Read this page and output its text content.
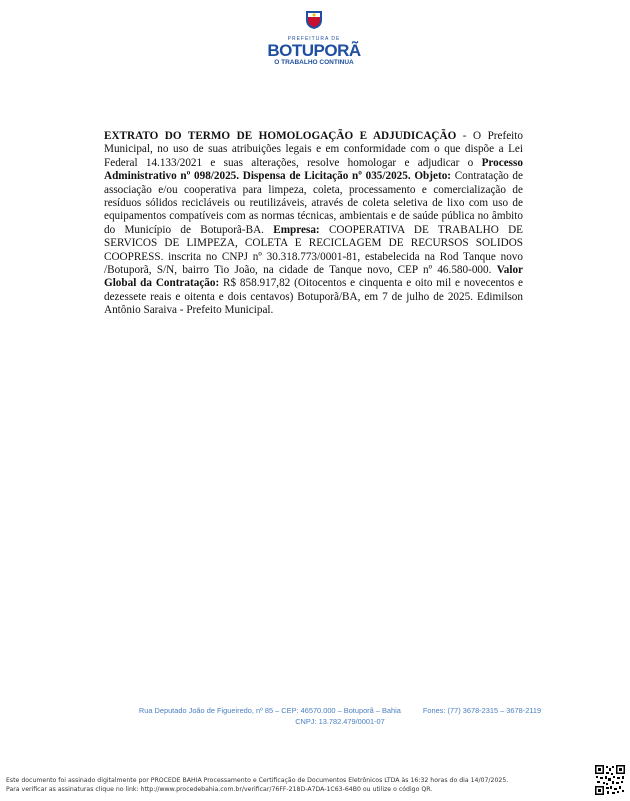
PREFEITURA DE
BOTUPORÃ
O TRABALHO CONTINUA

EXTRATO DO TERMO DE HOMOLOGAÇÃO E ADJUDICAÇÃO - O Prefeito Municipal, no uso de suas atribuições legais e em conformidade com o que dispõe a Lei Federal 14.133/2021 e suas alterações, resolve homologar e adjudicar o Processo Administrativo nº 098/2025. Dispensa de Licitação nº 035/2025. Objeto: Contratação de associação e/ou cooperativa para limpeza, coleta, processamento e comercialização de resíduos sólidos recicláveis ou reutilizáveis, através de coleta seletiva de lixo com uso de equipamentos compatíveis com as normas técnicas, ambientais e de saúde pública no âmbito do Município de Botuporã-BA. Empresa: COOPERATIVA DE TRABALHO DE SERVICOS DE LIMPEZA, COLETA E RECICLAGEM DE RECURSOS SOLIDOS COOPRESS. inscrita no CNPJ nº 30.318.773/0001-81, estabelecida na Rod Tanque novo /Botuporã, S/N, bairro Tio João, na cidade de Tanque novo, CEP nº 46.580-000. Valor Global da Contratação: R$ 858.917,82 (Oitocentos e cinquenta e oito mil e novecentos e dezessete reais e oitenta e dois centavos) Botuporã/BA, em 7 de julho de 2025. Edimilson Antônio Saraiva - Prefeito Municipal.

Rua Deputado João de Figueiredo, nº 85 – CEP: 46570.000 – Botuporã – Bahia	Fones: (77) 3678-2315 – 3678-2119
CNPJ: 13.782.479/0001-07
Este documento foi assinado digitalmente por PROCEDE BAHIA Processamento e Certificação de Documentos Eletrônicos LTDA às 16:32 horas do dia 14/07/2025.
Para verificar as assinaturas clique no link: http://www.procedebahia.com.br/verificar/76FF-218D-A7DA-1C63-64B0 ou utilize o código QR.
